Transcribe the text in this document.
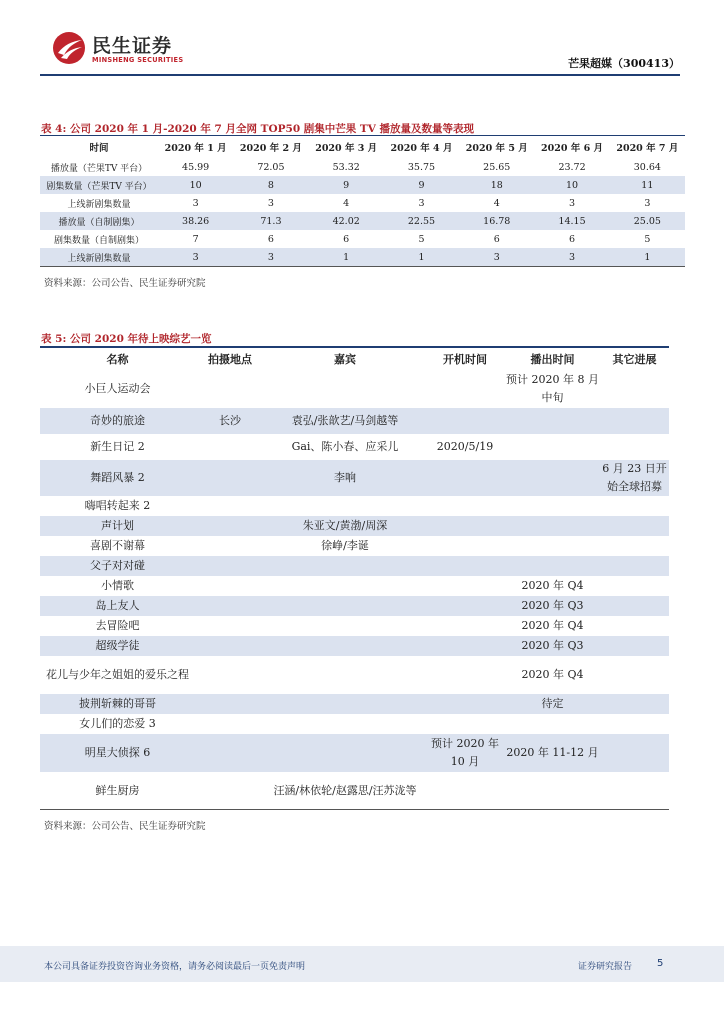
民生证券
MINSHENG SECURITIES	芒果超媒（300413）
表 4: 公司 2020 年 1 月-2020 年 7 月全网 TOP50 剧集中芒果 TV 播放量及数量等表现
时间	2020 年 1 月	2020 年 2 月	2020 年 3 月	2020 年 4 月	2020 年 5 月	2020 年 6 月	2020 年 7 月
播放量（芒果TV 平台）	45.99	72.05	53.32	35.75	25.65	23.72	30.64
剧集数量（芒果TV 平台）	10	8	9	9	18	10	11
上线新剧集数量	3	3	4	3	4	3	3
播放量（自制剧集）	38.26	71.3	42.02	22.55	16.78	14.15	25.05
剧集数量（自制剧集）	7	6	6	5	6	6	5
上线新剧集数量	3	3	1	1	3	3	1
资料来源：公司公告、民生证券研究院
表 5: 公司 2020 年待上映综艺一览
名称	拍摄地点	嘉宾	开机时间	播出时间	其它进展
小巨人运动会				预计 2020 年 8 月中旬	
奇妙的旅途	长沙	袁弘/张歆艺/马剑越等			
新生日记 2		Gai、陈小春、应采儿	2020/5/19		
舞蹈风暴 2		李响			6 月 23 日开始全球招募
嗨唱转起来 2					
声计划		朱亚文/黄渤/周深			
喜剧不谢幕		徐峥/李诞			
父子对对碰					
小情歌				2020 年 Q4	
岛上友人				2020 年 Q3	
去冒险吧				2020 年 Q4	
超级学徒				2020 年 Q3	
花儿与少年之姐姐的爱乐之程				2020 年 Q4	
披荆斩棘的哥哥				待定	
女儿们的恋爱 3					
明星大侦探 6			预计 2020 年 10 月	2020 年 11-12 月	
鲜生厨房		汪涵/林依轮/赵露思/汪苏泷等			
资料来源：公司公告、民生证券研究院
本公司具备证券投资咨询业务资格，请务必阅读最后一页免责声明	证券研究报告 5
